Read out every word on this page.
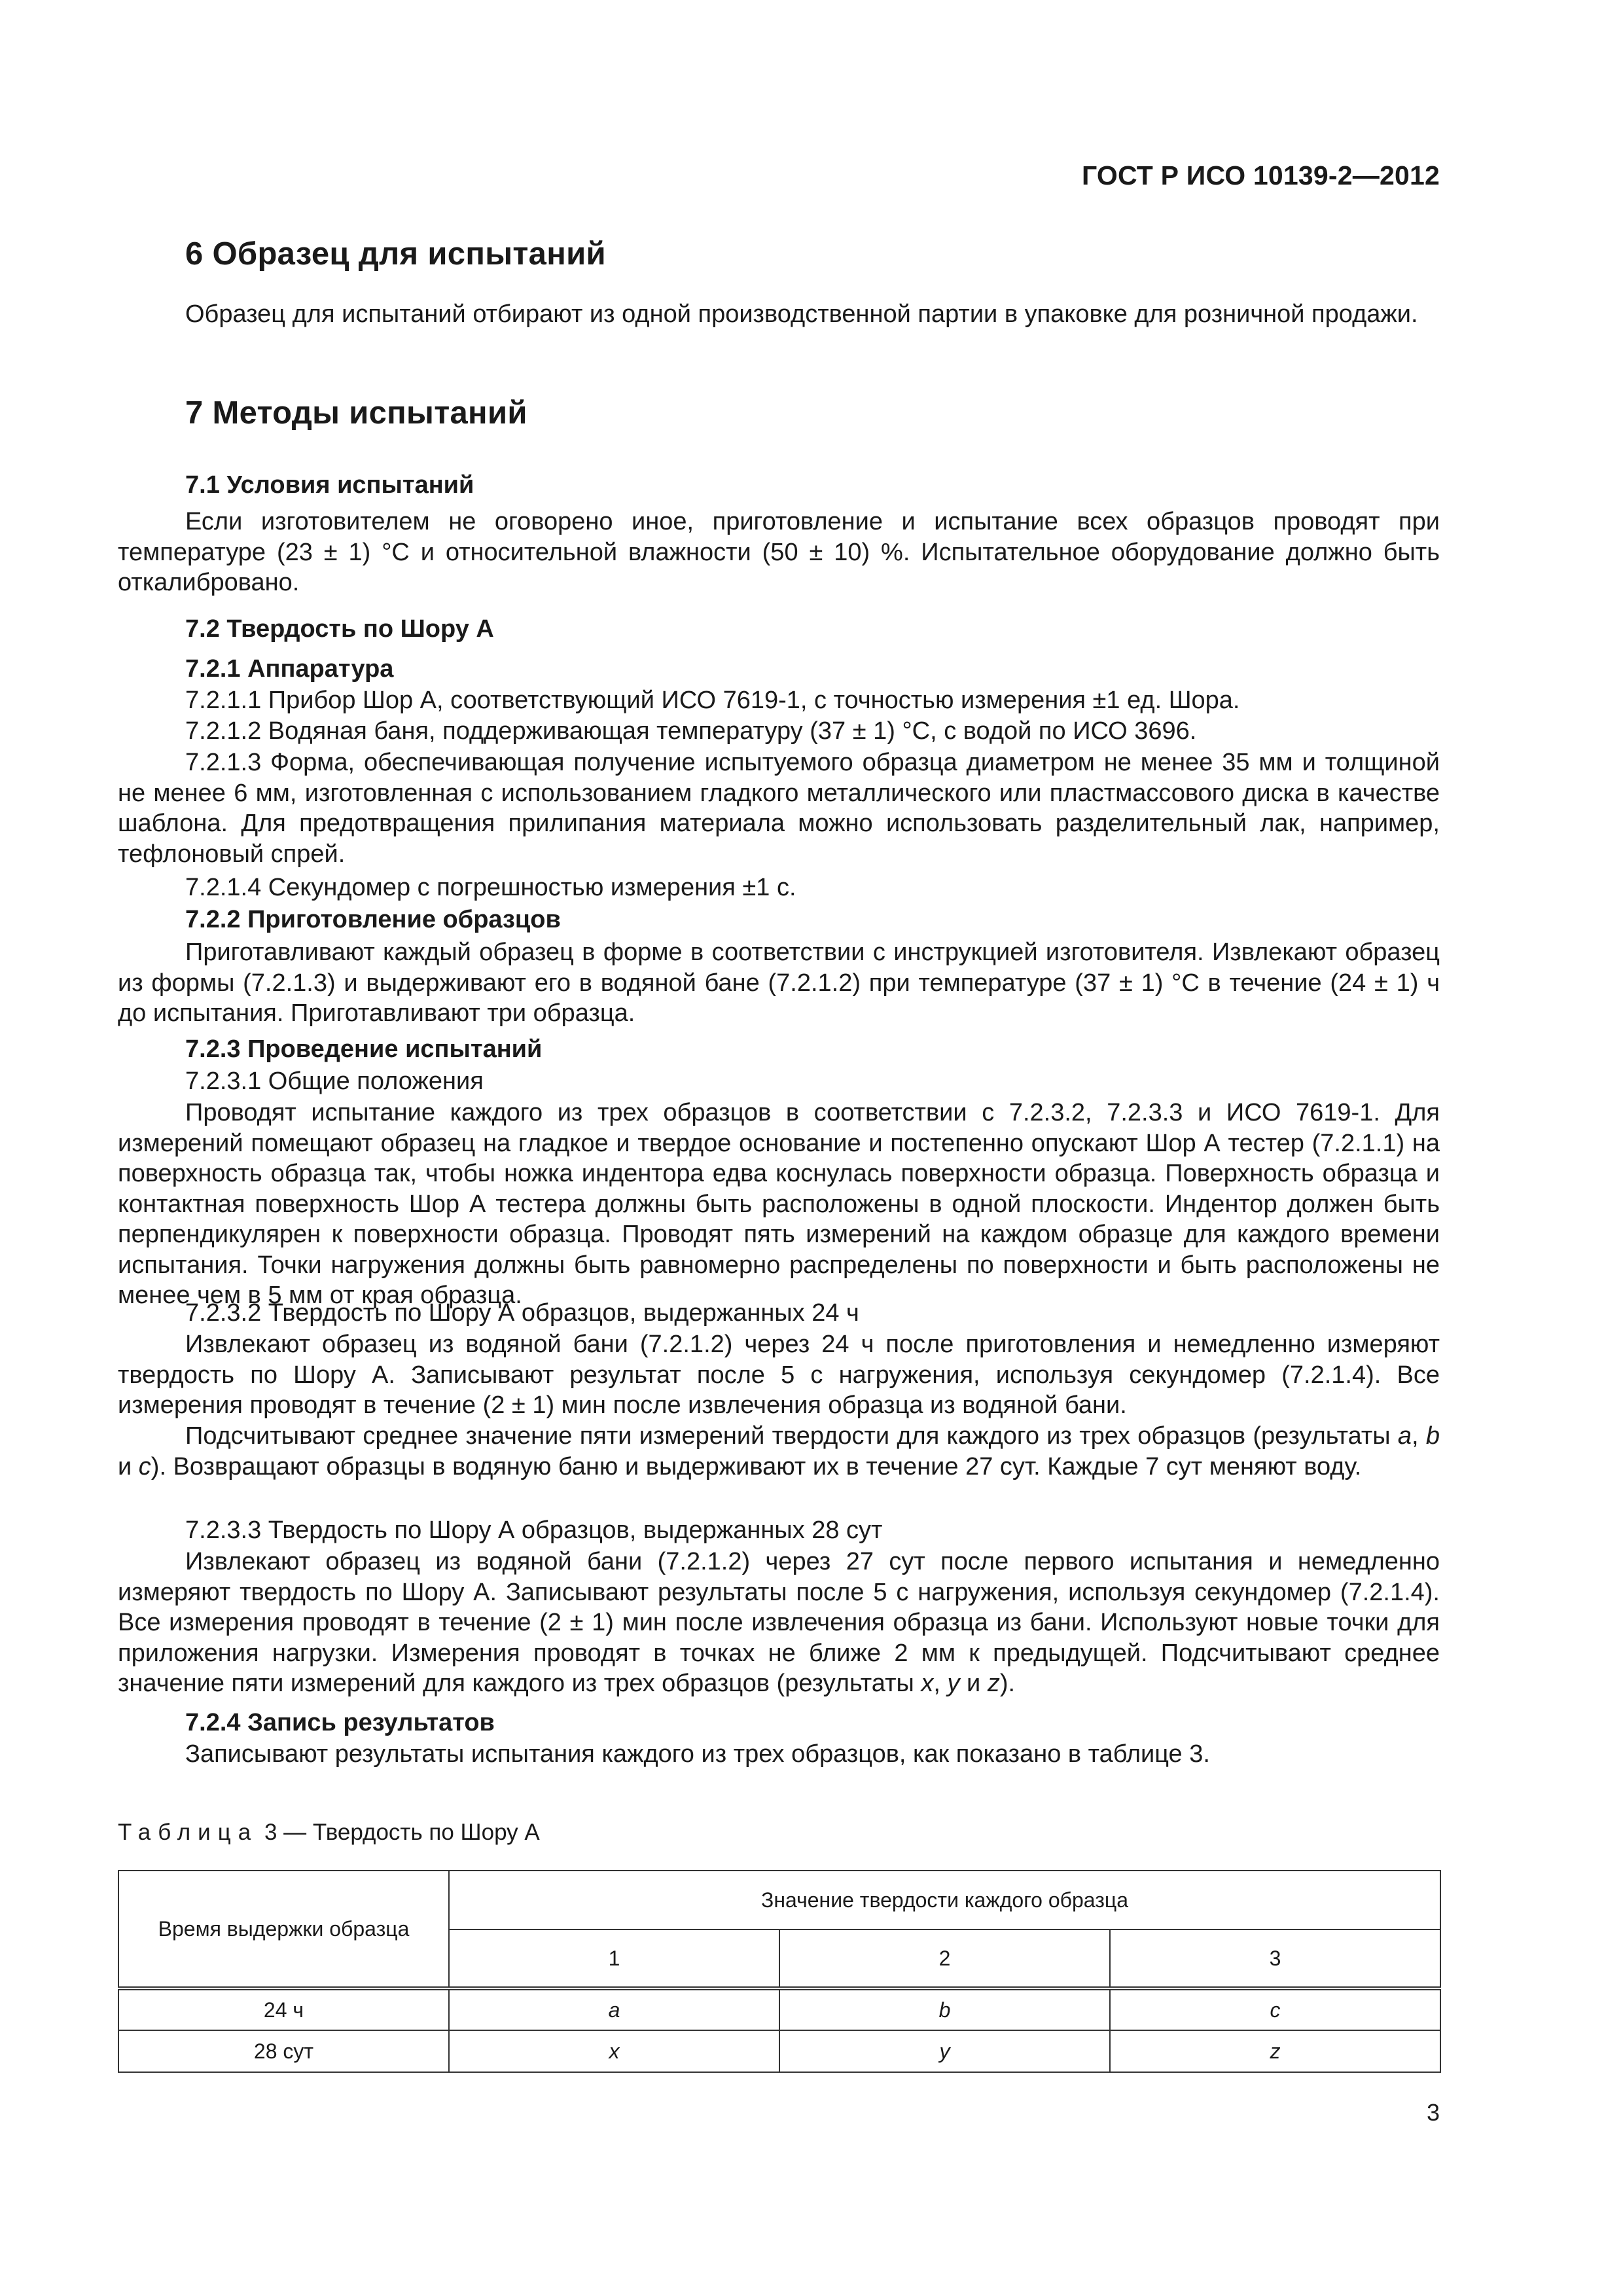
ГОСТ Р ИСО 10139-2—2012
6 Образец для испытаний

Образец для испытаний отбирают из одной производственной партии в упаковке для розничной продажи.

7 Методы испытаний
7.1 Условия испытаний

Если изготовителем не оговорено иное, приготовление и испытание всех образцов проводят при температуре (23 ± 1) °С и относительной влажности (50 ± 10) %. Испытательное оборудование должно быть откалибровано.

7.2 Твердость по Шору А
7.2.1 Аппаратура
7.2.1.1 Прибор Шор А, соответствующий ИСО 7619-1, с точностью измерения ±1 ед. Шора.
7.2.1.2 Водяная баня, поддерживающая температуру (37 ± 1) °С, с водой по ИСО 3696.

7.2.1.3 Форма, обеспечивающая получение испытуемого образца диаметром не менее 35 мм и толщиной не менее 6 мм, изготовленная с использованием гладкого металлического или пластмассового диска в качестве шаблона. Для предотвращения прилипания материала можно использовать разделительный лак, например, тефлоновый спрей.

7.2.1.4 Секундомер с погрешностью измерения ±1 с.
7.2.2 Приготовление образцов

Приготавливают каждый образец в форме в соответствии с инструкцией изготовителя. Извлекают образец из формы (7.2.1.3) и выдерживают его в водяной бане (7.2.1.2) при температуре (37 ± 1) °С в течение (24 ± 1) ч до испытания. Приготавливают три образца.

7.2.3 Проведение испытаний
7.2.3.1 Общие положения

Проводят испытание каждого из трех образцов в соответствии с 7.2.3.2, 7.2.3.3 и ИСО 7619-1. Для измерений помещают образец на гладкое и твердое основание и постепенно опускают Шор А тестер (7.2.1.1) на поверхность образца так, чтобы ножка индентора едва коснулась поверхности образца. Поверхность образца и контактная поверхность Шор А тестера должны быть расположены в одной плоскости. Индентор должен быть перпендикулярен к поверхности образца. Проводят пять измерений на каждом образце для каждого времени испытания. Точки нагружения должны быть равномерно распределены по поверхности и быть расположены не менее чем в 5 мм от края образца.

7.2.3.2 Твердость по Шору А образцов, выдержанных 24 ч

Извлекают образец из водяной бани (7.2.1.2) через 24 ч после приготовления и немедленно измеряют твердость по Шору А. Записывают результат после 5 с нагружения, используя секундомер (7.2.1.4). Все измерения проводят в течение (2 ± 1) мин после извлечения образца из водяной бани.

Подсчитывают среднее значение пяти измерений твердости для каждого из трех образцов (результаты a, b и c). Возвращают образцы в водяную баню и выдерживают их в течение 27 сут. Каждые 7 сут меняют воду.

7.2.3.3 Твердость по Шору А образцов, выдержанных 28 сут

Извлекают образец из водяной бани (7.2.1.2) через 27 сут после первого испытания и немедленно измеряют твердость по Шору А. Записывают результаты после 5 с нагружения, используя секундомер (7.2.1.4). Все измерения проводят в течение (2 ± 1) мин после извлечения образца из бани. Используют новые точки для приложения нагрузки. Измерения проводят в точках не ближе 2 мм к предыдущей. Подсчитывают среднее значение пяти измерений для каждого из трех образцов (результаты x, y и z).

7.2.4 Запись результатов
Записывают результаты испытания каждого из трех образцов, как показано в таблице 3.
Таблица 3 — Твердость по Шору А
Время выдержки образца	Значение твердости каждого образца		
	1	2	3
24 ч	a	b	c
28 сут	x	y	z
3
